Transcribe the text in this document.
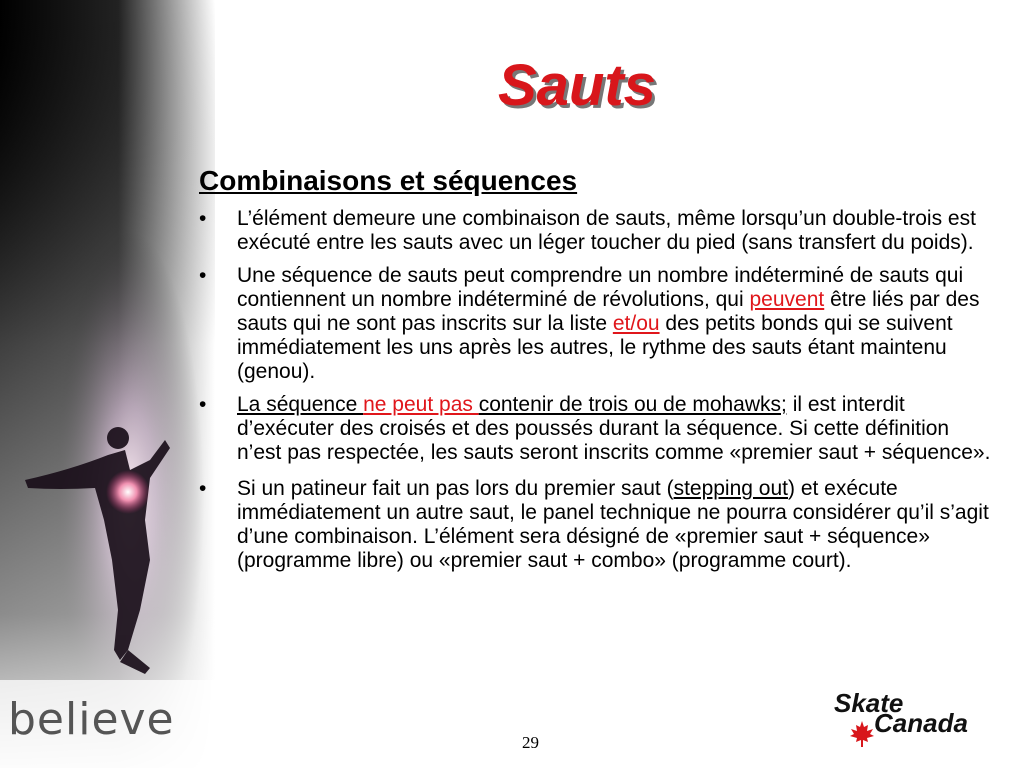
Sauts
Combinaisons et séquences
• L’élément demeure une combinaison de sauts, même lorsqu’un double-trois est exécuté entre les sauts avec un léger toucher du pied (sans transfert du poids).
• Une séquence de sauts peut comprendre un nombre indéterminé de sauts qui contiennent un nombre indéterminé de révolutions, qui peuvent être liés par des sauts qui ne sont pas inscrits sur la liste et/ou des petits bonds qui se suivent immédiatement les uns après les autres, le rythme des sauts étant maintenu (genou).
• La séquence ne peut pas contenir de trois ou de mohawks; il est interdit d’exécuter des croisés et des poussés durant la séquence. Si cette définition n’est pas respectée, les sauts seront inscrits comme «premier saut + séquence».
• Si un patineur fait un pas lors du premier saut (stepping out) et exécute immédiatement un autre saut, le panel technique ne pourra considérer qu’il s’agit d’une combinaison. L’élément sera désigné de «premier saut + séquence» (programme libre) ou «premier saut + combo» (programme court).
believe	Skate
Canada
29
